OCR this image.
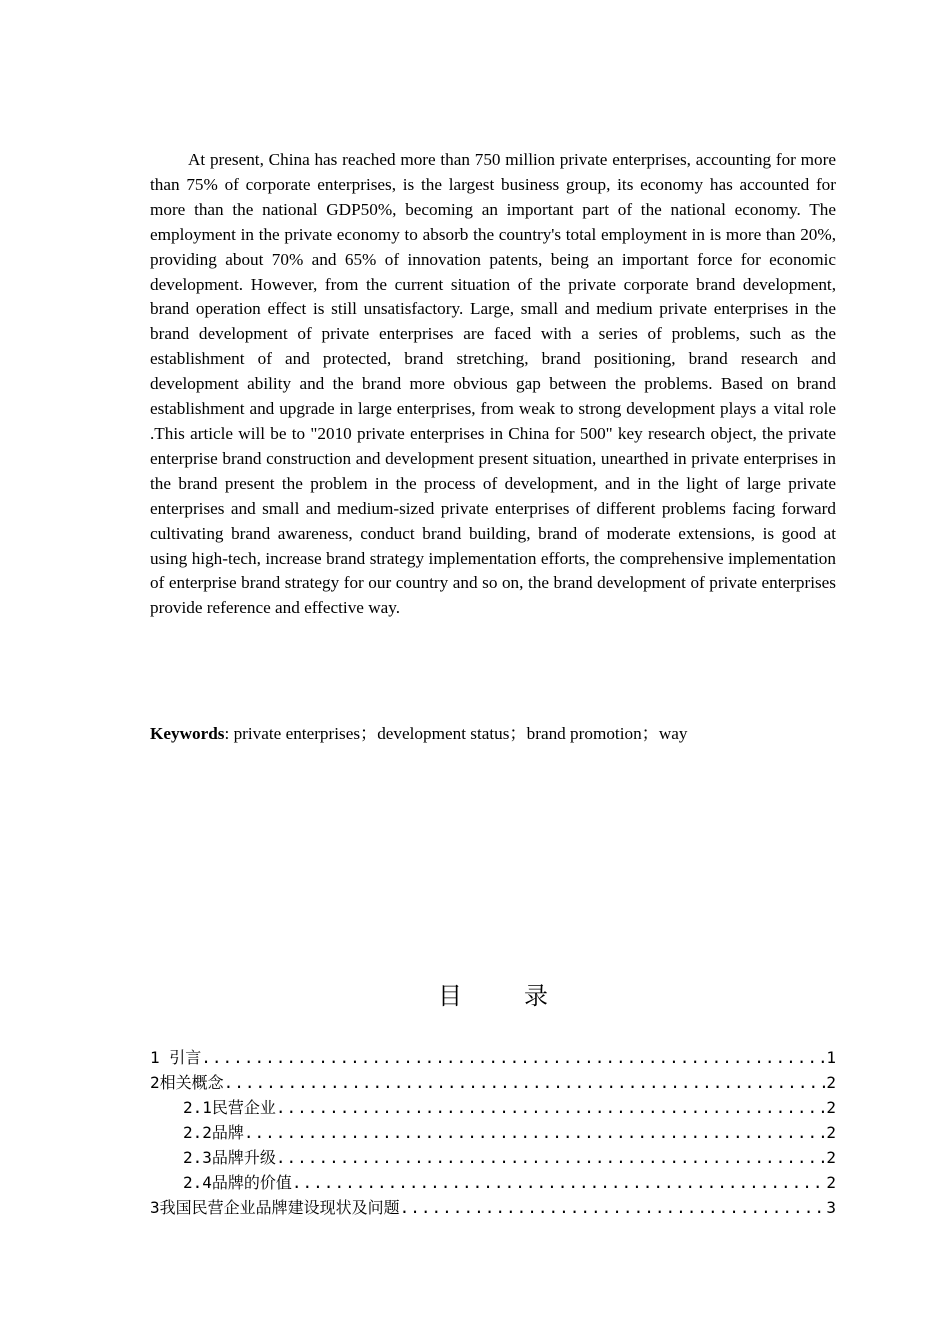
At present, China has reached more than 750 million private enterprises, accounting for more than 75% of corporate enterprises, is the largest business group, its economy has accounted for more than the national GDP50%, becoming an important part of the national economy. The employment in the private economy to absorb the country's total employment in is more than 20%, providing about 70% and 65% of innovation patents, being an important force for economic development. However, from the current situation of the private corporate brand development, brand operation effect is still unsatisfactory. Large, small and medium private enterprises in the brand development of private enterprises are faced with a series of problems, such as the establishment of and protected, brand stretching, brand positioning, brand research and development ability and the brand more obvious gap between the problems. Based on brand establishment and upgrade in large enterprises, from weak to strong development plays a vital role .This article will be to "2010 private enterprises in China for 500" key research object, the private enterprise brand construction and development present situation, unearthed in private enterprises in the brand present the problem in the process of development, and in the light of large private enterprises and small and medium-sized private enterprises of different problems facing forward cultivating brand awareness, conduct brand building, brand of moderate extensions, is good at using high-tech, increase brand strategy implementation efforts, the comprehensive implementation of enterprise brand strategy for our country and so on, the brand development of private enterprises provide reference and effective way.

Keywords: private enterprises；development status；brand promotion；way

目	录
1 引言 .....	1
2相关概念 .....	2
2.1民营企业 .....	2
2.2品牌 .....	2
2.3品牌升级 .....	2
2.4品牌的价值 .....	2
3我国民营企业品牌建设现状及问题 .....	3
